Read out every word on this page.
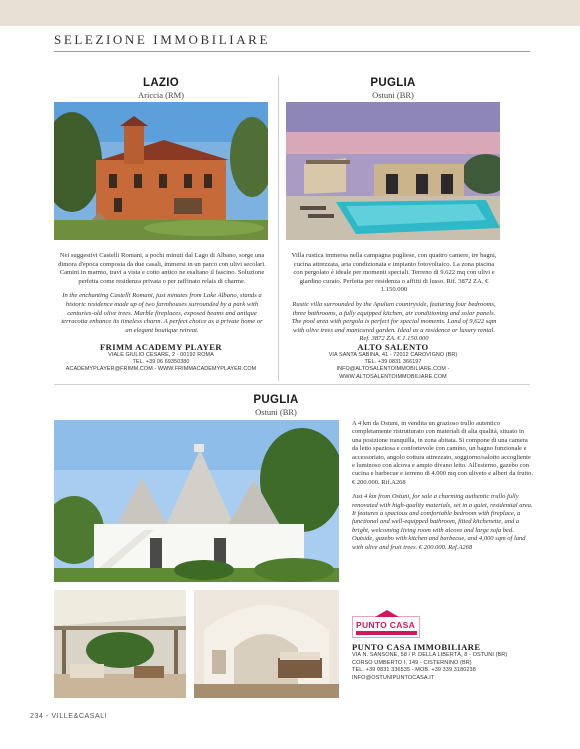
SELEZIONE IMMOBILIARE
LAZIO
Ariccia (RM)

Nei suggestivi Castelli Romani, a pochi minuti dal Lago di Albano, sorge una dimora d'epoca composta da due casali, immersi in un parco con ulivi secolari. Camini in marmo, travi a vista e cotto antico ne esaltano il fascino. Soluzione perfetta come residenza privata o per raffinato relais di charme.

In the enchanting Castelli Romani, just minutes from Lake Albano, stands a historic residence made up of two farmhouses surrounded by a park with centuries-old olive trees. Marble fireplaces, exposed beams and antique terracotta enhance its timeless charm. A perfect choice as a private home or an elegant boutique retreat.

FRIMM ACADEMY PLAYER
VIALE GIULIO CESARE, 2 - 00192 ROMA
TEL. +39 06 69350380
ACADEMYPLAYER@FRIMM.COM - WWW.FRIMMACADEMYPLAYER.COM
PUGLIA
Ostuni (BR)

Villa rustica immersa nella campagna pugliese, con quattro camere, tre bagni, cucina attrezzata, aria condizionata e impianto fotovoltaico. La zona piscina con pergolato è ideale per momenti speciali. Terreno di 9.622 mq con ulivi e giardino curato. Perfetta per residenza o affitti di lusso. Rif. 3872 ZA. € 1.150.000

Rustic villa surrounded by the Apulian countryside, featuring four bedrooms, three bathrooms, a fully equipped kitchen, air conditioning and solar panels. The pool area with pergola is perfect for special moments. Land of 9,622 sqm with olive trees and manicured garden. Ideal as a residence or luxury rental. Ref. 3872 ZA. € 1.150.000

ALTO SALENTO
VIA SANTA SABINA, 41 - 72012 CAROVIGNO (BR)
TEL. +39 0831 366197
INFO@ALTOSALENTOIMMOBILIARE.COM - WWW.ALTOSALENTOIMMOBILIARE.COM
PUGLIA
Ostuni (BR)

A 4 km da Ostuni, in vendita un grazioso trullo autentico completamente ristrutturato con materiali di alta qualità, situato in una posizione tranquilla, in zona abitata. Si compone di una camera da letto spaziosa e confortevole con camino, un bagno funzionale e accessoriato, angolo cottura attrezzato, soggiorno/salotto accogliente e luminoso con alcova e ampio divano letto. All'esterno, gazebo con cucina e barbecue e terreno di 4.000 mq con uliveto e alberi da frutto. € 200.000. Rif.A268

Just 4 km from Ostuni, for sale a charming authentic trullo fully renovated with high-quality materials, set in a quiet, residential area. It features a spacious and comfortable bedroom with fireplace, a functional and well-equipped bathroom, fitted kitchenette, and a bright, welcoming living room with alcove and large sofa bed. Outside, gazebo with kitchen and barbecue, and 4,000 sqm of land with olive and fruit trees. € 200.000. Ref.A268

PUNTO CASA
PUNTO CASA IMMOBILIARE
VIA N. SANSONE, 58 / P. DELLA LIBERTÀ, 8 - OSTUNI (BR)
CORSO UMBERTO I, 149 - CISTERNINO (BR)
TEL. +39 0831 336535 - MOB. +39 339 3180238
INFO@OSTUNIPUNTOCASA.IT
234 - VILLE&CASALI
